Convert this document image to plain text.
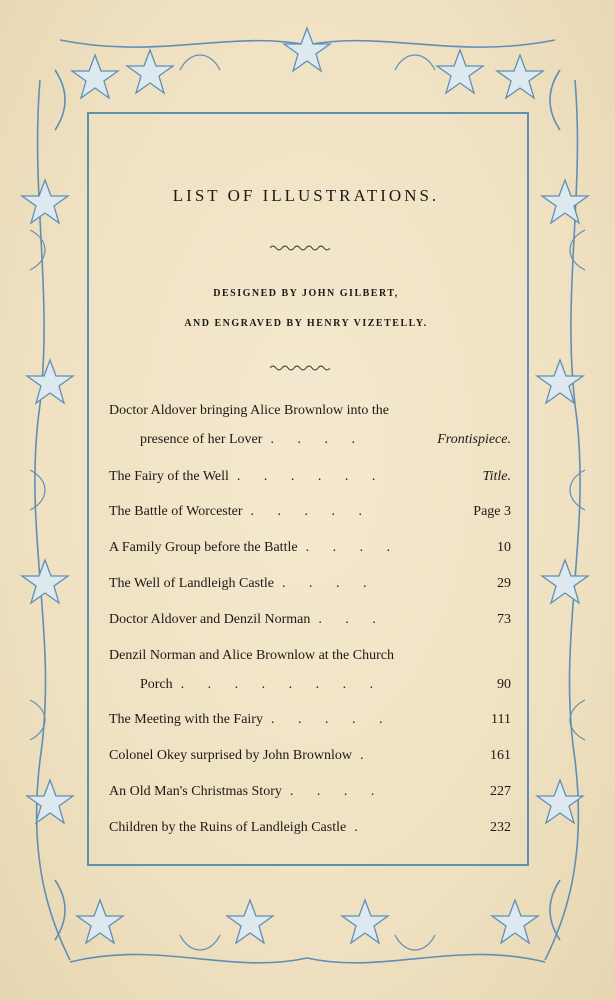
LIST OF ILLUSTRATIONS.
DESIGNED BY JOHN GILBERT,
AND ENGRAVED BY HENRY VIZETELLY.
Doctor Aldover bringing Alice Brownlow into the
presence of her Lover . . . .	Frontispiece.
The Fairy of the Well . . . . . .	Title.
The Battle of Worcester . . . . .	Page 3
A Family Group before the Battle . . . .	10
The Well of Landleigh Castle . . . .	29
Doctor Aldover and Denzil Norman . . .	73
Denzil Norman and Alice Brownlow at the Church
Porch . . . . . . . .	90
The Meeting with the Fairy . . . . .	111
Colonel Okey surprised by John Brownlow .	161
An Old Man's Christmas Story . . . .	227
Children by the Ruins of Landleigh Castle .	232
